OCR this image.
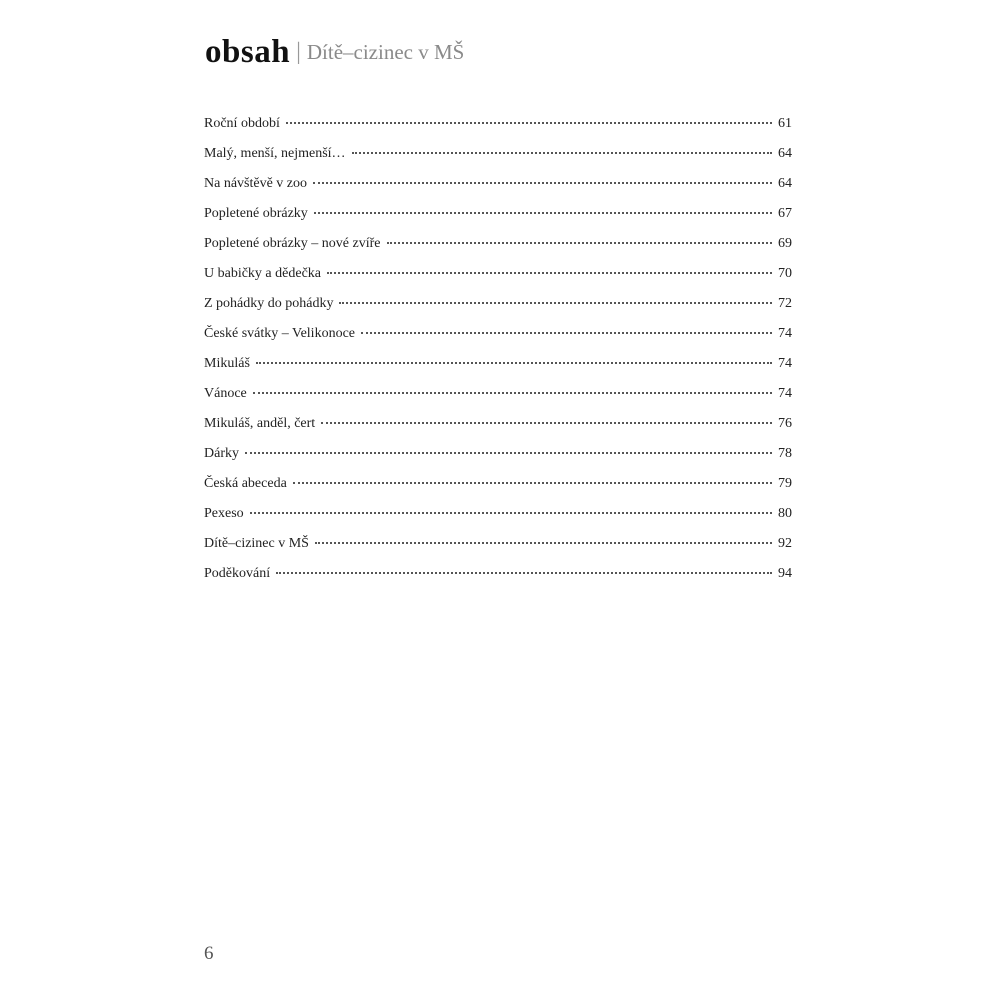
obsah | Dítě–cizinec v MŠ
Roční období	61
Malý, menší, nejmenší…	64
Na návštěvě v zoo	64
Popletené obrázky	67
Popletené obrázky – nové zvíře	69
U babičky a dědečka	70
Z pohádky do pohádky	72
České svátky – Velikonoce	74
Mikuláš	74
Vánoce	74
Mikuláš, anděl, čert	76
Dárky	78
Česká abeceda	79
Pexeso	80
Dítě–cizinec v MŠ	92
Poděkování	94
6
